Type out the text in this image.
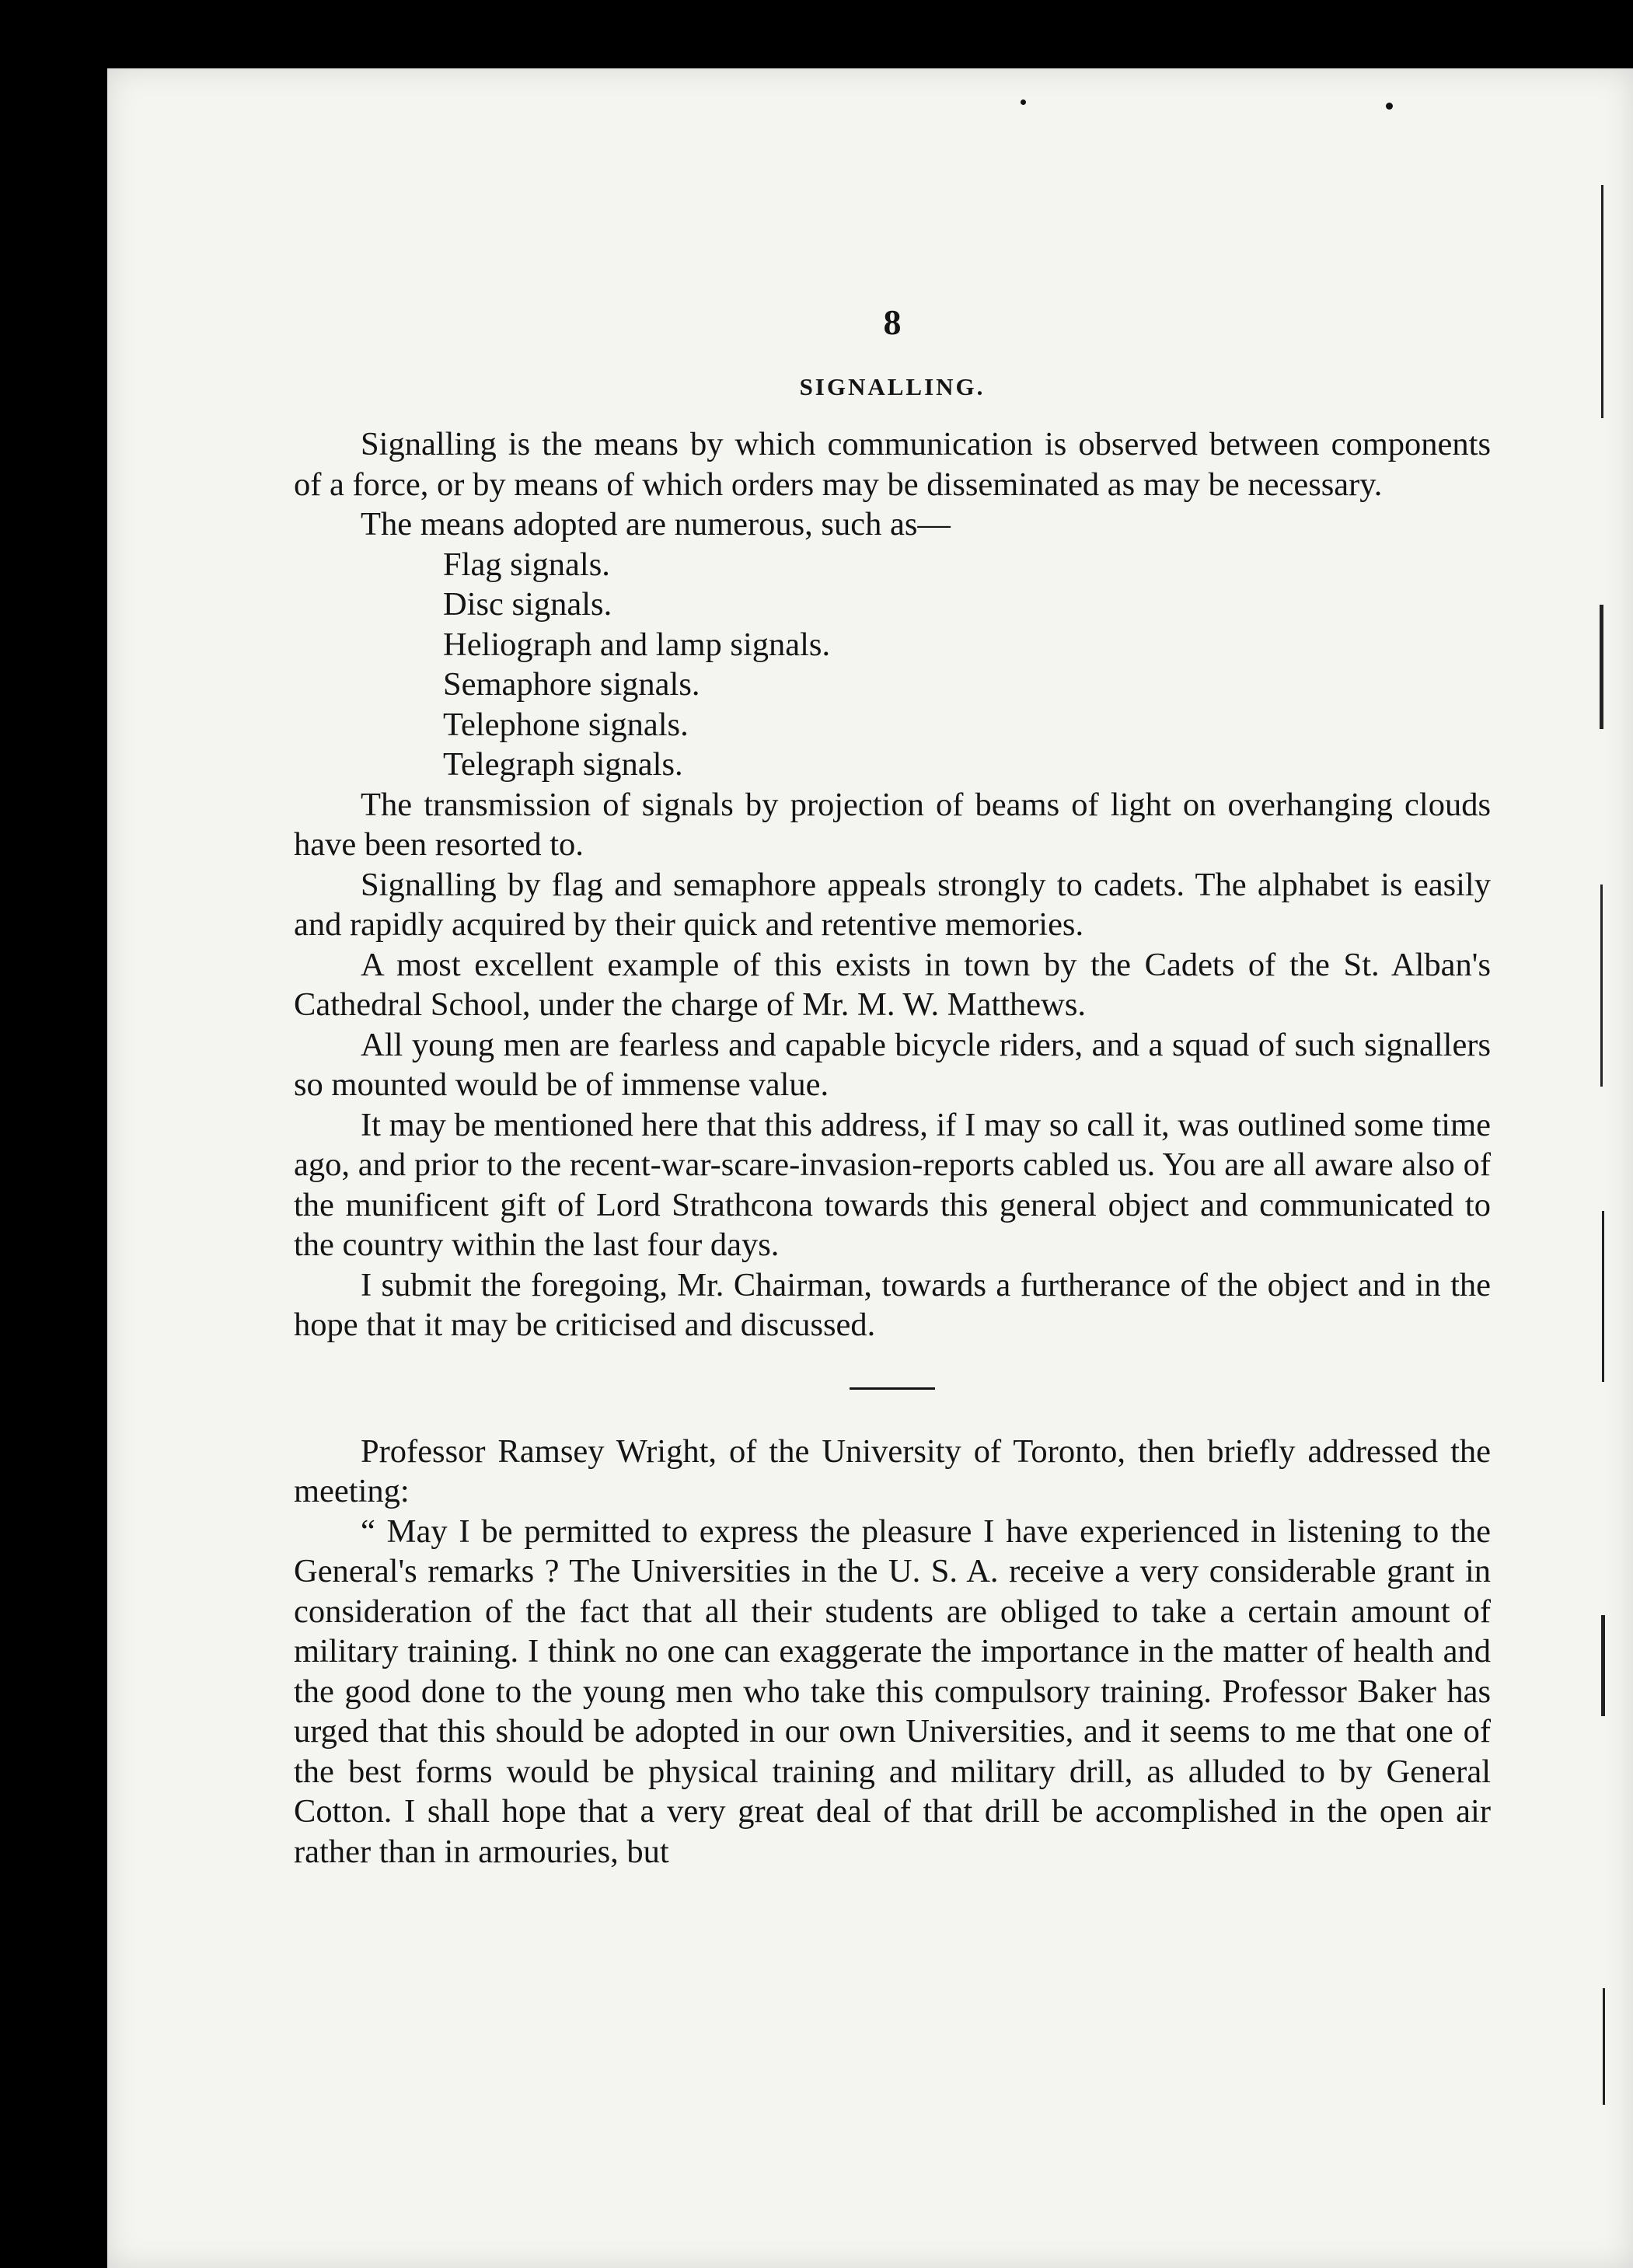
8
SIGNALLING.

Signalling is the means by which communication is observed between components of a force, or by means of which orders may be disseminated as may be necessary.

The means adopted are numerous, such as—

Flag signals.
Disc signals.
Heliograph and lamp signals.
Semaphore signals.
Telephone signals.
Telegraph signals.

The transmission of signals by projection of beams of light on overhanging clouds have been resorted to.

Signalling by flag and semaphore appeals strongly to cadets. The alphabet is easily and rapidly acquired by their quick and retentive memories.

A most excellent example of this exists in town by the Cadets of the St. Alban's Cathedral School, under the charge of Mr. M. W. Matthews.

All young men are fearless and capable bicycle riders, and a squad of such signallers so mounted would be of immense value.

It may be mentioned here that this address, if I may so call it, was outlined some time ago, and prior to the recent-war-scare-invasion-reports cabled us. You are all aware also of the munificent gift of Lord Strathcona towards this general object and communicated to the country within the last four days.

I submit the foregoing, Mr. Chairman, towards a furtherance of the object and in the hope that it may be criticised and discussed.

Professor Ramsey Wright, of the University of Toronto, then briefly addressed the meeting:

“ May I be permitted to express the pleasure I have experienced in listening to the General's remarks ? The Universities in the U. S. A. receive a very considerable grant in consideration of the fact that all their students are obliged to take a certain amount of military training. I think no one can exaggerate the importance in the matter of health and the good done to the young men who take this compulsory training. Professor Baker has urged that this should be adopted in our own Universities, and it seems to me that one of the best forms would be physical training and military drill, as alluded to by General Cotton. I shall hope that a very great deal of that drill be accomplished in the open air rather than in armouries, but
